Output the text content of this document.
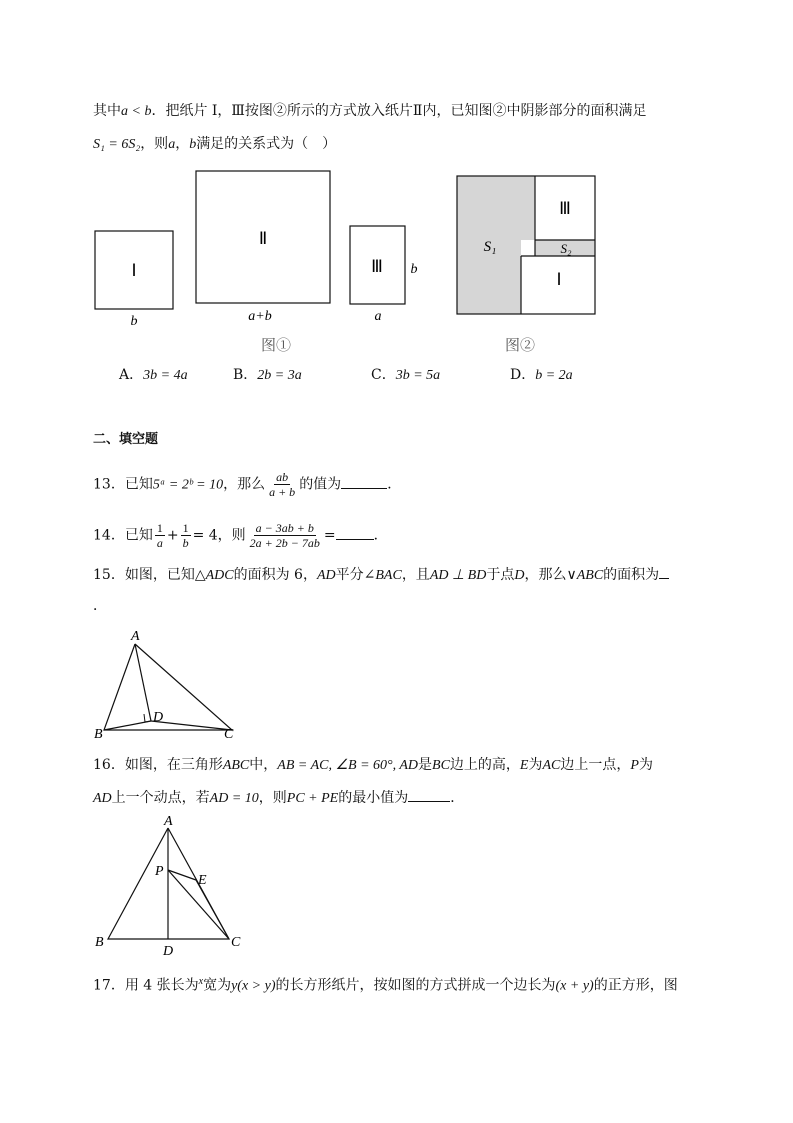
其中a < b．把纸片 Ⅰ，Ⅲ按图②所示的方式放入纸片Ⅱ内，已知图②中阴影部分的面积满足
S₁ = 6S₂，则a，b满足的关系式为（　）
Ⅰ
b
Ⅱ
a+b
Ⅲ b
a
图①
S₁	S₂
Ⅲ
Ⅰ
图②
A．3b = 4a	B．2b = 3a	C．3b = 5a	D．b = 2a
二、填空题
13．已知5ᵃ = 2ᵇ = 10，那么 $\frac{ab}{a + b}$ 的值为	．
14．已知 $\frac{1}{a} + \frac{1}{b} = 4$，则 $\frac{a - 3ab + b}{2a + 2b - 7ab}$ =	．
15．如图，已知△ADC的面积为 6，AD平分∠BAC，且AD ⊥ BD于点D，那么∨ABC的面积为
．
A
B	C
D
16．如图，在三角形ABC中，AB = AC, ∠B = 60°, AD是BC边上的高，E为AC边上一点，P为
AD上一个动点，若AD = 10，则PC + PE的最小值为	．
A
P
E
B
D
C
17．用 4 张长为$^x$宽为y(x > y)的长方形纸片，按如图的方式拼成一个边长为(x + y)的正方形，图
